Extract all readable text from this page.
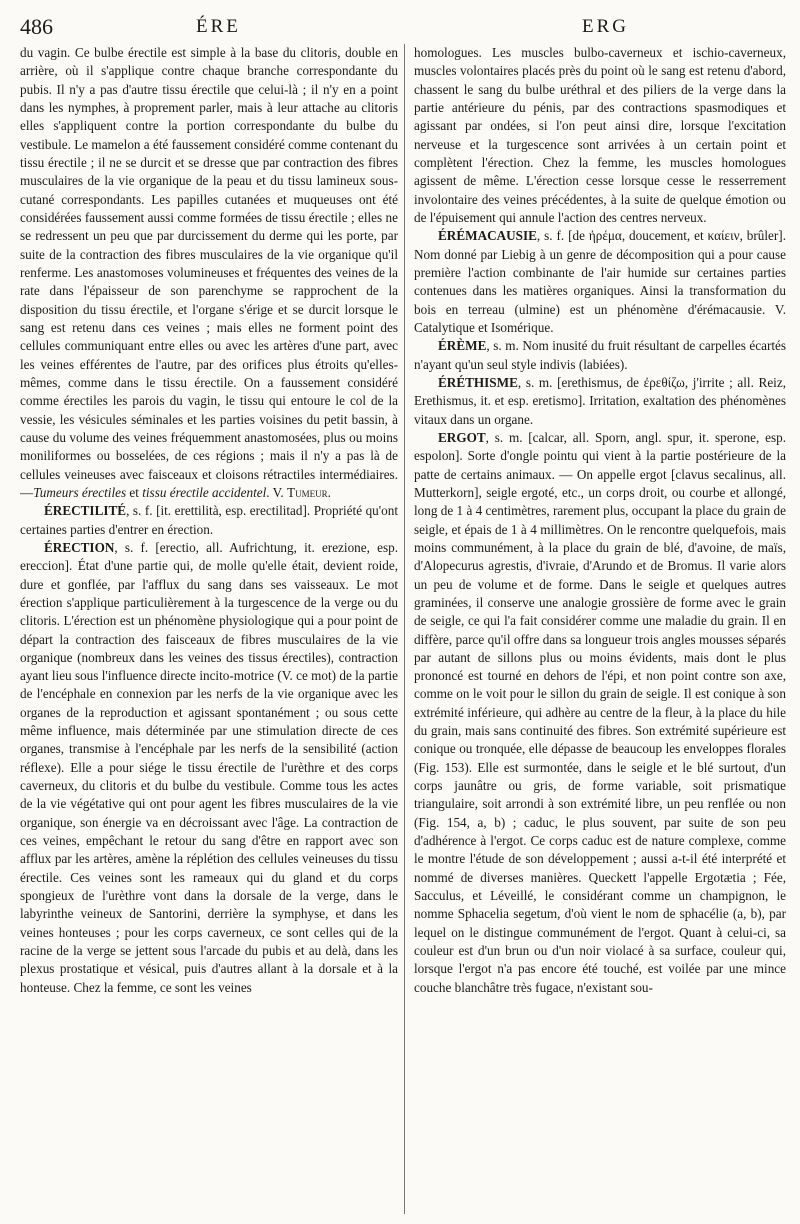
486	ÉRE	ERG

du vagin. Ce bulbe érectile est simple à la base du clitoris, double en arrière, où il s'applique contre chaque branche correspondante du pubis. Il n'y a pas d'autre tissu érectile que celui-là ; il n'y en a point dans les nymphes, à proprement parler, mais à leur attache au clitoris elles s'appliquent contre la portion correspondante du bulbe du vestibule. Le mamelon a été faussement considéré comme contenant du tissu érectile ; il ne se durcit et se dresse que par contraction des fibres musculaires de la vie organique de la peau et du tissu lamineux sous-cutané correspondants. Les papilles cutanées et muqueuses ont été considérées faussement aussi comme formées de tissu érectile ; elles ne se redressent un peu que par durcissement du derme qui les porte, par suite de la contraction des fibres musculaires de la vie organique qu'il renferme. Les anastomoses volumineuses et fréquentes des veines de la rate dans l'épaisseur de son parenchyme se rapprochent de la disposition du tissu érectile, et l'organe s'érige et se durcit lorsque le sang est retenu dans ces veines ; mais elles ne forment point des cellules communiquant entre elles ou avec les artères d'une part, avec les veines efférentes de l'autre, par des orifices plus étroits qu'elles-mêmes, comme dans le tissu érectile. On a faussement considéré comme érectiles les parois du vagin, le tissu qui entoure le col de la vessie, les vésicules séminales et les parties voisines du petit bassin, à cause du volume des veines fréquemment anastomosées, plus ou moins moniliformes ou bosselées, de ces régions ; mais il n'y a pas là de cellules veineuses avec faisceaux et cloisons rétractiles intermédiaires. —Tumeurs érectiles et tissu érectile accidentel. V. Tumeur.

ÉRECTILITÉ, s. f. [it. erettilità, esp. erectilitad]. Propriété qu'ont certaines parties d'entrer en érection.

ÉRECTION, s. f. [erectio, all. Aufrichtung, it. erezione, esp. ereccion]. État d'une partie qui, de molle qu'elle était, devient roide, dure et gonflée, par l'afflux du sang dans ses vaisseaux. Le mot érection s'applique particulièrement à la turgescence de la verge ou du clitoris. L'érection est un phénomène physiologique qui a pour point de départ la contraction des faisceaux de fibres musculaires de la vie organique (nombreux dans les veines des tissus érectiles), contraction ayant lieu sous l'influence directe incito-motrice (V. ce mot) de la partie de l'encéphale en connexion par les nerfs de la vie organique avec les organes de la reproduction et agissant spontanément ; ou sous cette même influence, mais déterminée par une stimulation directe de ces organes, transmise à l'encéphale par les nerfs de la sensibilité (action réflexe). Elle a pour siége le tissu érectile de l'urèthre et des corps caverneux, du clitoris et du bulbe du vestibule. Comme tous les actes de la vie végétative qui ont pour agent les fibres musculaires de la vie organique, son énergie va en décroissant avec l'âge. La contraction de ces veines, empêchant le retour du sang d'être en rapport avec son afflux par les artères, amène la réplétion des cellules veineuses du tissu érectile. Ces veines sont les rameaux qui du gland et du corps spongieux de l'urèthre vont dans la dorsale de la verge, dans le labyrinthe veineux de Santorini, derrière la symphyse, et dans les veines honteuses ; pour les corps caverneux, ce sont celles qui de la racine de la verge se jettent sous l'arcade du pubis et au delà, dans les plexus prostatique et vésical, puis d'autres allant à la dorsale et à la honteuse. Chez la femme, ce sont les veines

homologues. Les muscles bulbo-caverneux et ischio-caverneux, muscles volontaires placés près du point où le sang est retenu d'abord, chassent le sang du bulbe uréthral et des piliers de la verge dans la partie antérieure du pénis, par des contractions spasmodiques et agissant par ondées, si l'on peut ainsi dire, lorsque l'excitation nerveuse et la turgescence sont arrivées à un certain point et complètent l'érection. Chez la femme, les muscles homologues agissent de même. L'érection cesse lorsque cesse le resserrement involontaire des veines précédentes, à la suite de quelque émotion ou de l'épuisement qui annule l'action des centres nerveux.

ÉRÉMACAUSIE, s. f. [de ἠρέμα, doucement, et καίειν, brûler]. Nom donné par Liebig à un genre de décomposition qui a pour cause première l'action combinante de l'air humide sur certaines parties contenues dans les matières organiques. Ainsi la transformation du bois en terreau (ulmine) est un phénomène d'érémacausie. V. Catalytique et Isomérique.

ÉRÈME, s. m. Nom inusité du fruit résultant de carpelles écartés n'ayant qu'un seul style indivis (labiées).

ÉRÉTHISME, s. m. [erethismus, de ἐρεθίζω, j'irrite ; all. Reiz, Erethismus, it. et esp. eretismo]. Irritation, exaltation des phénomènes vitaux dans un organe.

ERGOT, s. m. [calcar, all. Sporn, angl. spur, it. sperone, esp. espolon]. Sorte d'ongle pointu qui vient à la partie postérieure de la patte de certains animaux. — On appelle ergot [clavus secalinus, all. Mutterkorn], seigle ergoté, etc., un corps droit, ou courbe et allongé, long de 1 à 4 centimètres, rarement plus, occupant la place du grain de seigle, et épais de 1 à 4 millimètres. On le rencontre quelquefois, mais moins communément, à la place du grain de blé, d'avoine, de maïs, d'Alopecurus agrestis, d'ivraie, d'Arundo et de Bromus. Il varie alors un peu de volume et de forme. Dans le seigle et quelques autres graminées, il conserve une analogie grossière de forme avec le grain de seigle, ce qui l'a fait considérer comme une maladie du grain. Il en diffère, parce qu'il offre dans sa longueur trois angles mousses séparés par autant de sillons plus ou moins évidents, mais dont le plus prononcé est tourné en dehors de l'épi, et non point contre son axe, comme on le voit pour le sillon du grain de seigle. Il est conique à son extrémité inférieure, qui adhère au centre de la fleur, à la place du hile du grain, mais sans continuité des fibres. Son extrémité supérieure est conique ou tronquée, elle dépasse de beaucoup les enveloppes florales (Fig. 153). Elle est surmontée, dans le seigle et le blé surtout, d'un corps jaunâtre ou gris, de forme variable, soit prismatique triangulaire, soit arrondi à son extrémité libre, un peu renflée ou non (Fig. 154, a, b) ; caduc, le plus souvent, par suite de son peu d'adhérence à l'ergot. Ce corps caduc est de nature complexe, comme le montre l'étude de son développement ; aussi a-t-il été interprété et nommé de diverses manières. Queckett l'appelle Ergotætia ; Fée, Sacculus, et Léveillé, le considérant comme un champignon, le nomme Sphacelia segetum, d'où vient le nom de sphacélie (a, b), par lequel on le distingue communément de l'ergot. Quant à celui-ci, sa couleur est d'un brun ou d'un noir violacé à sa surface, couleur qui, lorsque l'ergot n'a pas encore été touché, est voilée par une mince couche blanchâtre très fugace, n'existant sou-
